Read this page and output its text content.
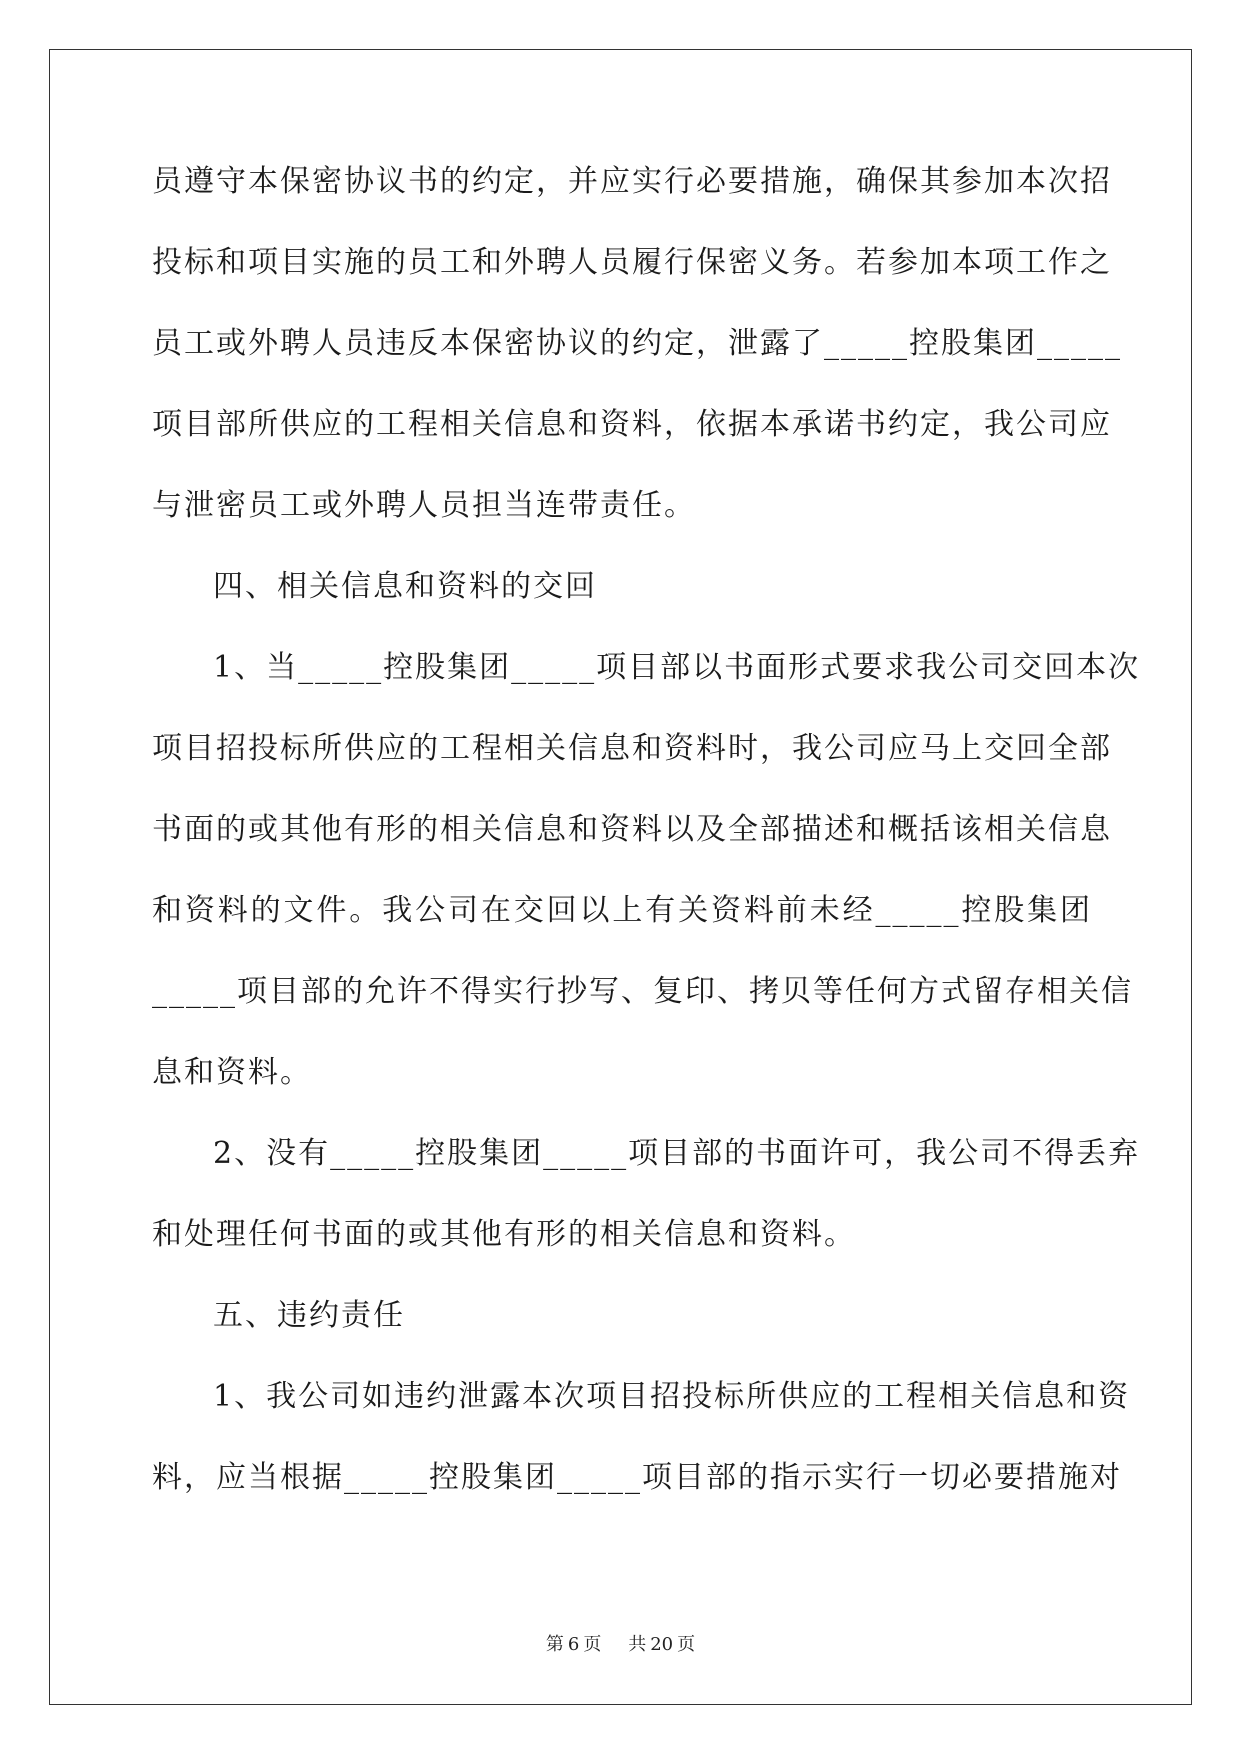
员遵守本保密协议书的约定，并应实行必要措施，确保其参加本次招
投标和项目实施的员工和外聘人员履行保密义务。若参加本项工作之
员工或外聘人员违反本保密协议的约定，泄露了_____控股集团_____
项目部所供应的工程相关信息和资料，依据本承诺书约定，我公司应
与泄密员工或外聘人员担当连带责任。
四、相关信息和资料的交回
1、当_____控股集团_____项目部以书面形式要求我公司交回本次
项目招投标所供应的工程相关信息和资料时，我公司应马上交回全部
书面的或其他有形的相关信息和资料以及全部描述和概括该相关信息
和资料的文件。我公司在交回以上有关资料前未经_____控股集团
_____项目部的允许不得实行抄写、复印、拷贝等任何方式留存相关信
息和资料。
2、没有_____控股集团_____项目部的书面许可，我公司不得丢弃
和处理任何书面的或其他有形的相关信息和资料。
五、违约责任
1、我公司如违约泄露本次项目招投标所供应的工程相关信息和资
料，应当根据_____控股集团_____项目部的指示实行一切必要措施对
第 6 页 共 20 页
